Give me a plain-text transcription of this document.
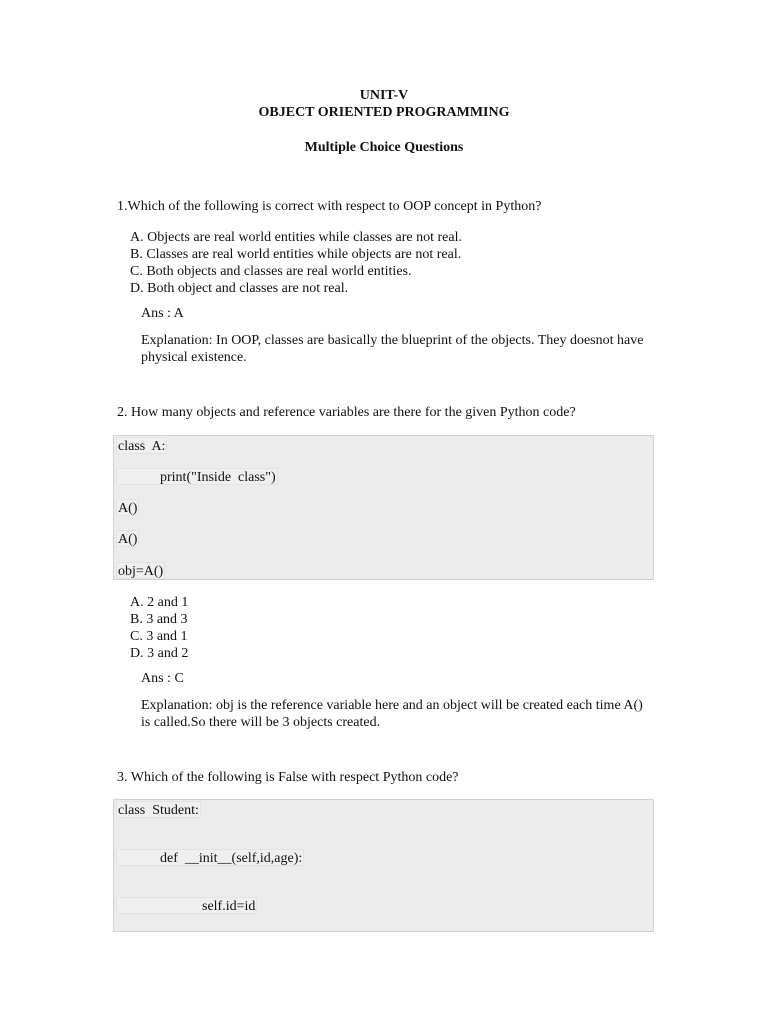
UNIT-V
OBJECT ORIENTED PROGRAMMING
Multiple Choice Questions
1.Which of the following is correct with respect to OOP concept in Python?
A. Objects are real world entities while classes are not real.
B. Classes are real world entities while objects are not real.
C. Both objects and classes are real world entities.
D. Both object and classes are not real.
Ans : A
Explanation: In OOP, classes are basically the blueprint of the objects. They doesnot have physical existence.
2. How many objects and reference variables are there for the given Python code?
class  A:
print("Inside  class")
A()
A()
obj=A()
A. 2 and 1
B. 3 and 3
C. 3 and 1
D. 3 and 2
Ans : C
Explanation: obj is the reference variable here and an object will be created each time A() is called.So there will be 3 objects created.
3. Which of the following is False with respect Python code?
class  Student:
def  __init__(self,id,age):
self.id=id
